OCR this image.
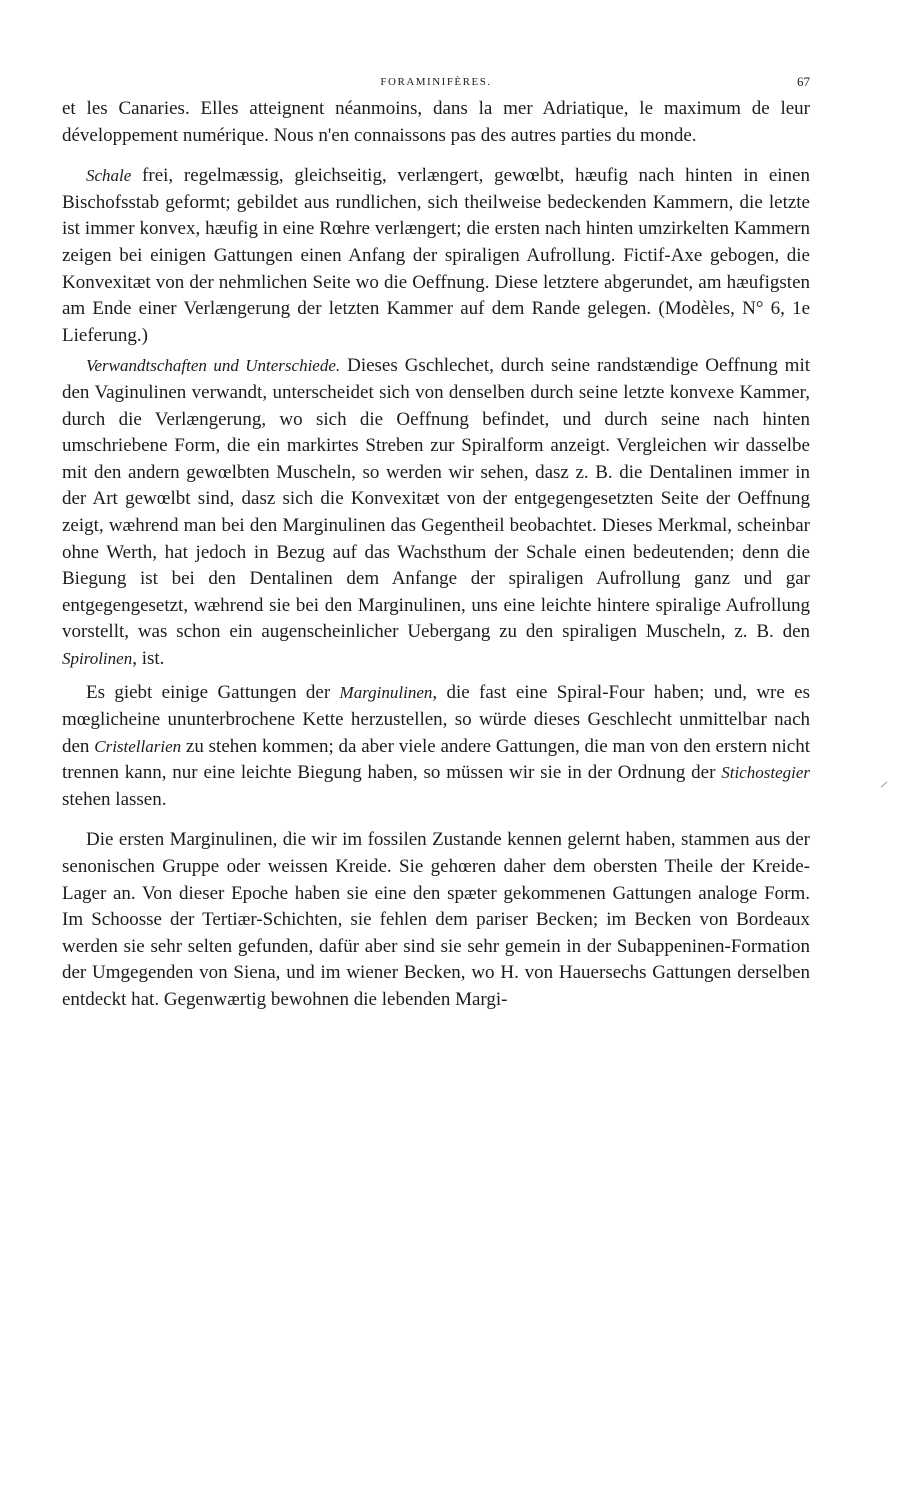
FORAMINIFÈRES.	67

et les Canaries. Elles atteignent néanmoins, dans la mer Adriatique, le maximum de leur développement numérique. Nous n'en connaissons pas des autres parties du monde.

Schale frei, regelmæssig, gleichseitig, verlængert, gewœlbt, hæufig nach hinten in einen Bischofsstab geformt; gebildet aus rundlichen, sich theilweise bedeckenden Kammern, die letzte ist immer konvex, hæufig in eine Rœhre verlængert; die ersten nach hinten umzirkelten Kammern zeigen bei einigen Gattungen einen Anfang der spiraligen Aufrollung. Fictif-Axe gebogen, die Konvexitæt von der nehmlichen Seite wo die Oeffnung. Diese letztere abgerundet, am hæufigsten am Ende einer Verlængerung der letzten Kammer auf dem Rande gelegen. (Modèles, N° 6, 1e Lieferung.)

Verwandtschaften und Unterschiede. Dieses Gschlechet, durch seine randstændige Oeffnung mit den Vaginulinen verwandt, unterscheidet sich von denselben durch seine letzte konvexe Kammer, durch die Verlængerung, wo sich die Oeffnung befindet, und durch seine nach hinten umschriebene Form, die ein markirtes Streben zur Spiralform anzeigt. Vergleichen wir dasselbe mit den andern gewœlbten Muscheln, so werden wir sehen, dasz z. B. die Dentalinen immer in der Art gewœlbt sind, dasz sich die Konvexitæt von der entgegengesetzten Seite der Oeffnung zeigt, wæhrend man bei den Marginulinen das Gegentheil beobachtet. Dieses Merkmal, scheinbar ohne Werth, hat jedoch in Bezug auf das Wachsthum der Schale einen bedeutenden; denn die Biegung ist bei den Dentalinen dem Anfange der spiraligen Aufrollung ganz und gar entgegengesetzt, wæhrend sie bei den Marginulinen, uns eine leichte hintere spiralige Aufrollung vorstellt, was schon ein augenscheinlicher Uebergang zu den spiraligen Muscheln, z. B. den Spirolinen, ist.

Es giebt einige Gattungen der Marginulinen, die fast eine Spiral-Four haben; und, wre es mœglicheine ununterbrochene Kette herzustellen, so würde dieses Geschlecht unmittelbar nach den Cristellarien zu stehen kommen; da aber viele andere Gattungen, die man von den erstern nicht trennen kann, nur eine leichte Biegung haben, so müssen wir sie in der Ordnung der Stichostegier stehen lassen.

Die ersten Marginulinen, die wir im fossilen Zustande kennen gelernt haben, stammen aus der senonischen Gruppe oder weissen Kreide. Sie gehœren daher dem obersten Theile der Kreide-Lager an. Von dieser Epoche haben sie eine den spæter gekommenen Gattungen analoge Form. Im Schoosse der Tertiær-Schichten, sie fehlen dem pariser Becken; im Becken von Bordeaux werden sie sehr selten gefunden, dafür aber sind sie sehr gemein in der Subappeninen-Formation der Umgegenden von Siena, und im wiener Becken, wo H. von Hauersechs Gattungen derselben entdeckt hat. Gegenwærtig bewohnen die lebenden Margi-
